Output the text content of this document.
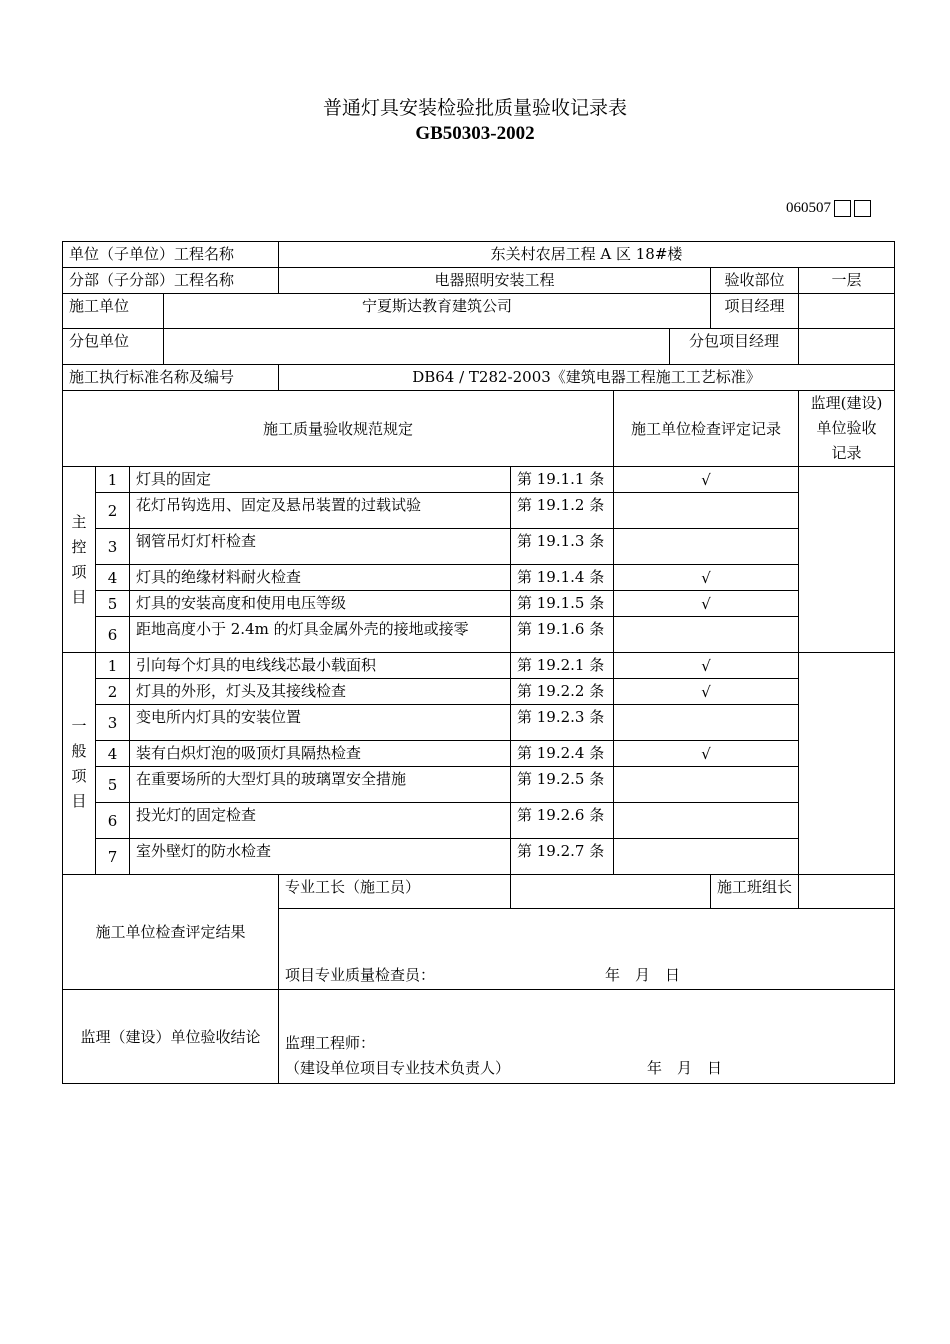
普通灯具安装检验批质量验收记录表
GB50303-2002
060507
单位（子单位）工程名称				东关村农居工程 A 区 18#楼					
分部（子分部）工程名称				电器照明安装工程				验收部位	一层
施工单位			宁夏斯达教育建筑公司					项目经理	
分包单位							分包项目经理		
施工执行标准名称及编号				DB64 / T282-2003《建筑电器工程施工工艺标准》					
施工质量验收规范规定						施工单位检查评定记录			监理(建设)
单位验收
记录

主
控
项
目	1	灯具的固定			第 19.1.1 条	√			
	2	花灯吊钩选用、固定及悬吊装置的过载试验			第 19.1.2 条				
	3	钢管吊灯灯杆检查			第 19.1.3 条				
	4	灯具的绝缘材料耐火检查			第 19.1.4 条	√			
	5	灯具的安装高度和使用电压等级			第 19.1.5 条	√			
	6	距地高度小于 2.4m 的灯具金属外壳的接地或接零			第 19.1.6 条				

一
般
项
目	1	引向每个灯具的电线线芯最小载面积			第 19.2.1 条	√			
	2	灯具的外形，灯头及其接线检查			第 19.2.2 条	√			
	3	变电所内灯具的安装位置			第 19.2.3 条				
	4	装有白炽灯泡的吸顶灯具隔热检查			第 19.2.4 条	√			
	5	在重要场所的大型灯具的玻璃罩安全措施			第 19.2.5 条				
	6	投光灯的固定检查			第 19.2.6 条				
	7	室外壁灯的防水检查			第 19.2.7 条				
施工单位检查评定结果				专业工长（施工员）				施工班组长	

				项目专业质量检查员： 年　月　日					

监理（建设）单位验收结论				监理工程师：
（建设单位项目专业技术负责人） 年　月　日					
